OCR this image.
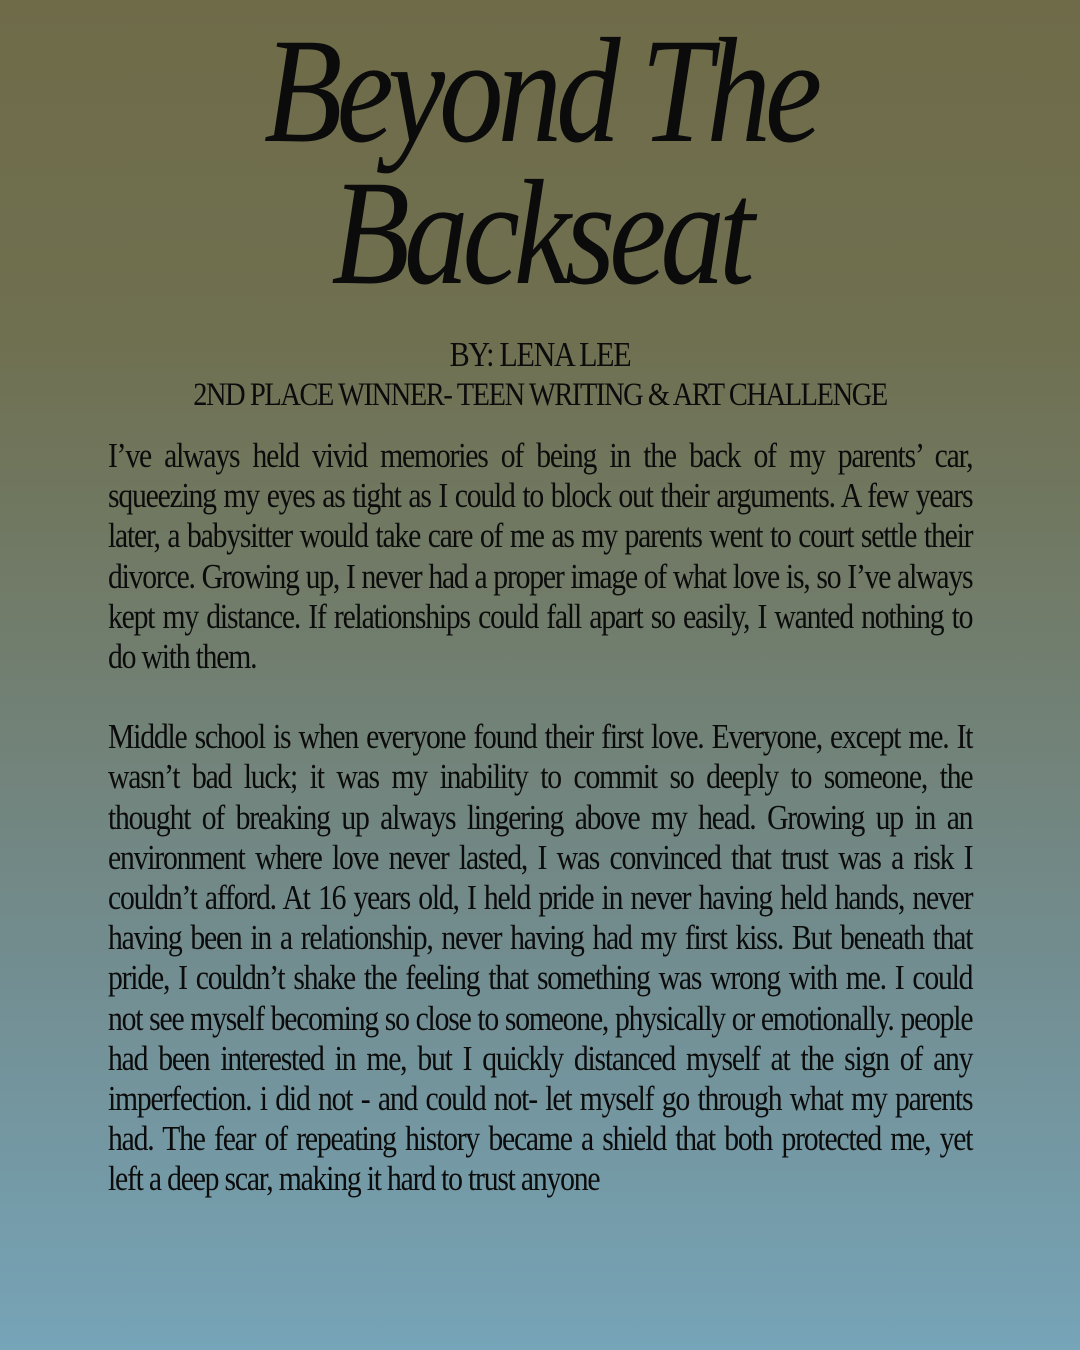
Beyond The
Backseat
BY: LENA LEE
2ND PLACE WINNER- TEEN WRITING & ART CHALLENGE

I’ve always held vivid memories of being in the back of my parents’ car, squeezing my eyes as tight as I could to block out their arguments. A few years later, a babysitter would take care of me as my parents went to court settle their divorce. Growing up, I never had a proper image of what love is, so I’ve always kept my distance. If relationships could fall apart so easily, I wanted nothing to do with them.

Middle school is when everyone found their first love. Everyone, except me. It wasn’t bad luck; it was my inability to commit so deeply to someone, the thought of breaking up always lingering above my head. Growing up in an environment where love never lasted, I was convinced that trust was a risk I couldn’t afford. At 16 years old, I held pride in never having held hands, never having been in a relationship, never having had my first kiss. But beneath that pride, I couldn’t shake the feeling that something was wrong with me. I could not see myself becoming so close to someone, physically or emotionally. people had been interested in me, but I quickly distanced myself at the sign of any imperfection. i did not - and could not- let myself go through what my parents had. The fear of repeating history became a shield that both protected me, yet left a deep scar, making it hard to trust anyone
